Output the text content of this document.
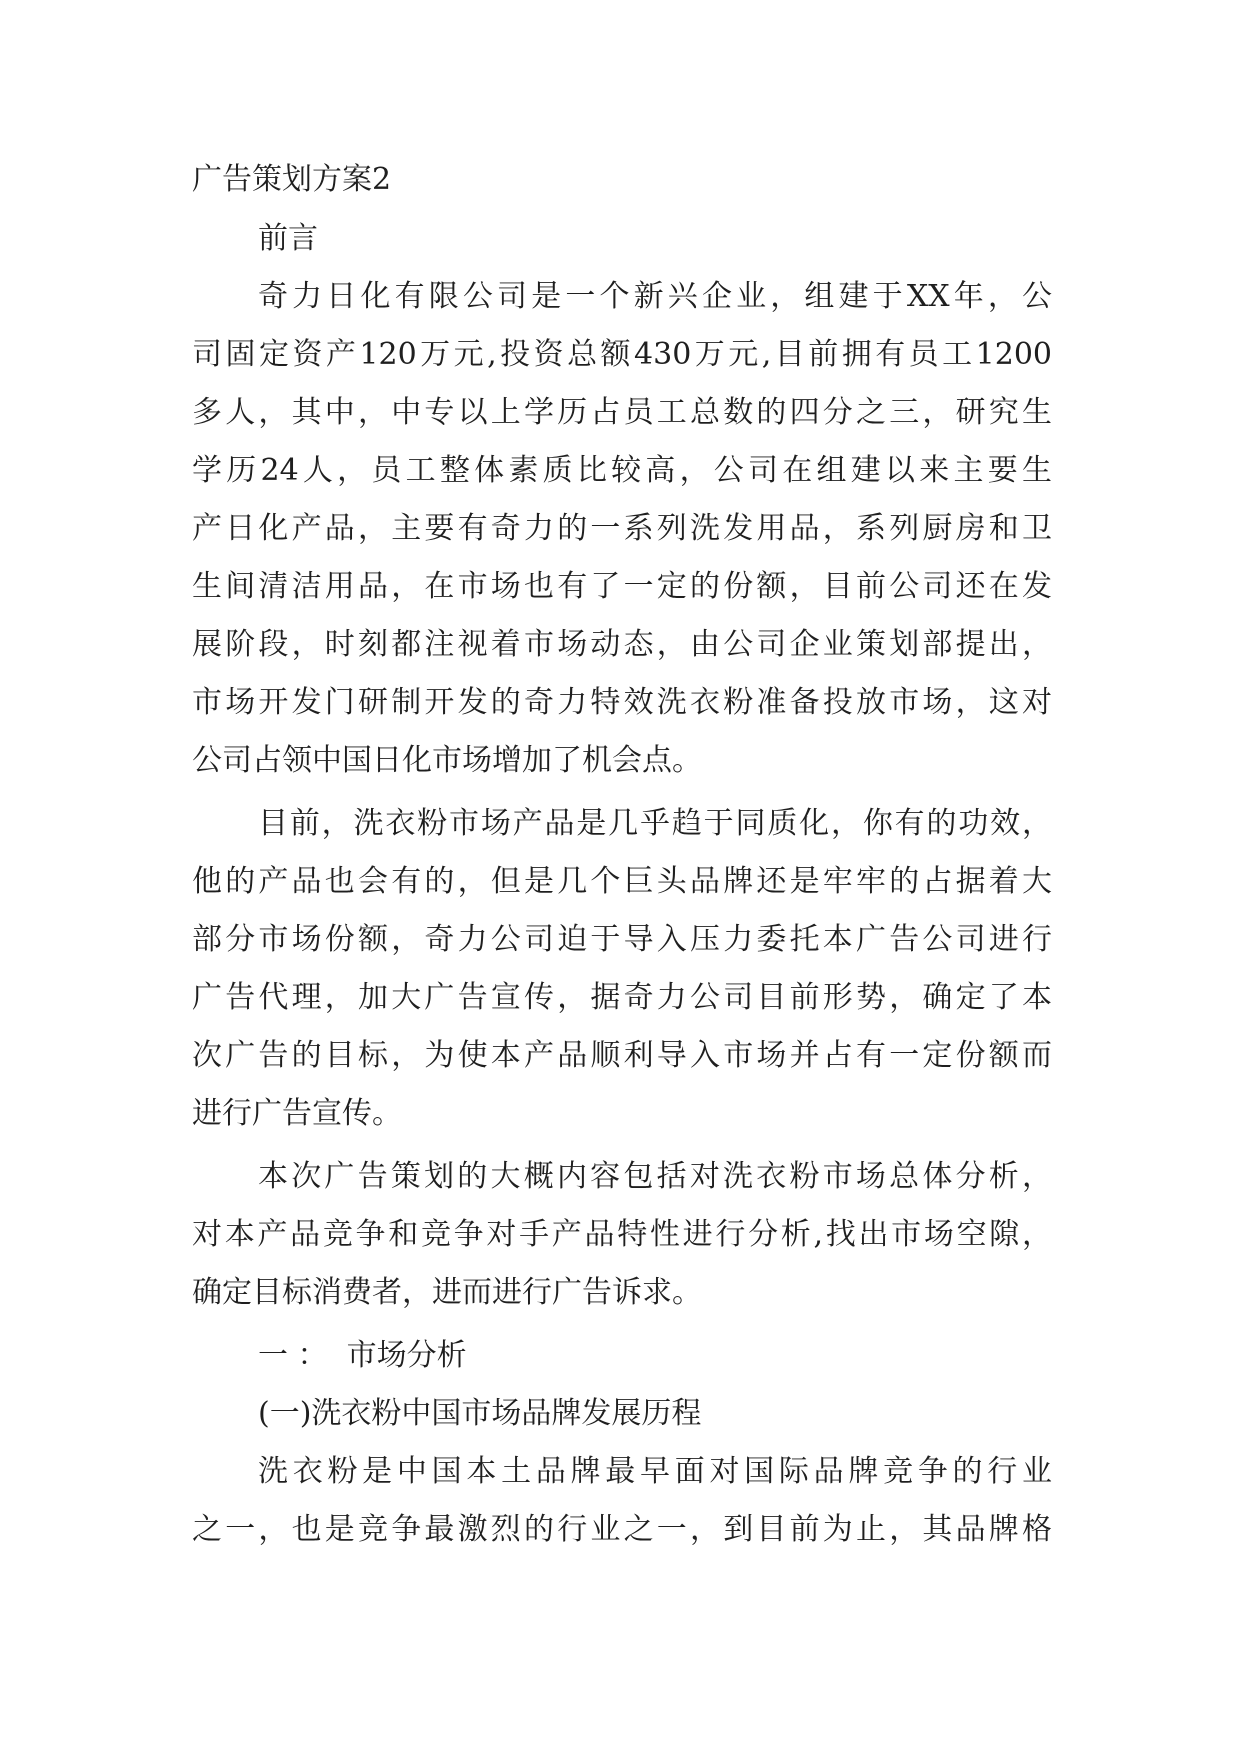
广告策划方案2
前言
奇力日化有限公司是一个新兴企业，组建于XX年，公
司固定资产120万元,投资总额430万元,目前拥有员工1200
多人，其中，中专以上学历占员工总数的四分之三，研究生
学历24人，员工整体素质比较高，公司在组建以来主要生
产日化产品，主要有奇力的一系列洗发用品，系列厨房和卫
生间清洁用品，在市场也有了一定的份额，目前公司还在发
展阶段，时刻都注视着市场动态，由公司企业策划部提出，
市场开发门研制开发的奇力特效洗衣粉准备投放市场，这对
公司占领中国日化市场增加了机会点。
目前，洗衣粉市场产品是几乎趋于同质化，你有的功效，
他的产品也会有的，但是几个巨头品牌还是牢牢的占据着大
部分市场份额，奇力公司迫于导入压力委托本广告公司进行
广告代理，加大广告宣传，据奇力公司目前形势，确定了本
次广告的目标，为使本产品顺利导入市场并占有一定份额而
进行广告宣传。
本次广告策划的大概内容包括对洗衣粉市场总体分析，
对本产品竞争和竞争对手产品特性进行分析,找出市场空隙，
确定目标消费者，进而进行广告诉求。
一 ：  市场分析
(一)洗衣粉中国市场品牌发展历程
洗衣粉是中国本土品牌最早面对国际品牌竞争的行业
之一，也是竞争最激烈的行业之一，到目前为止，其品牌格
